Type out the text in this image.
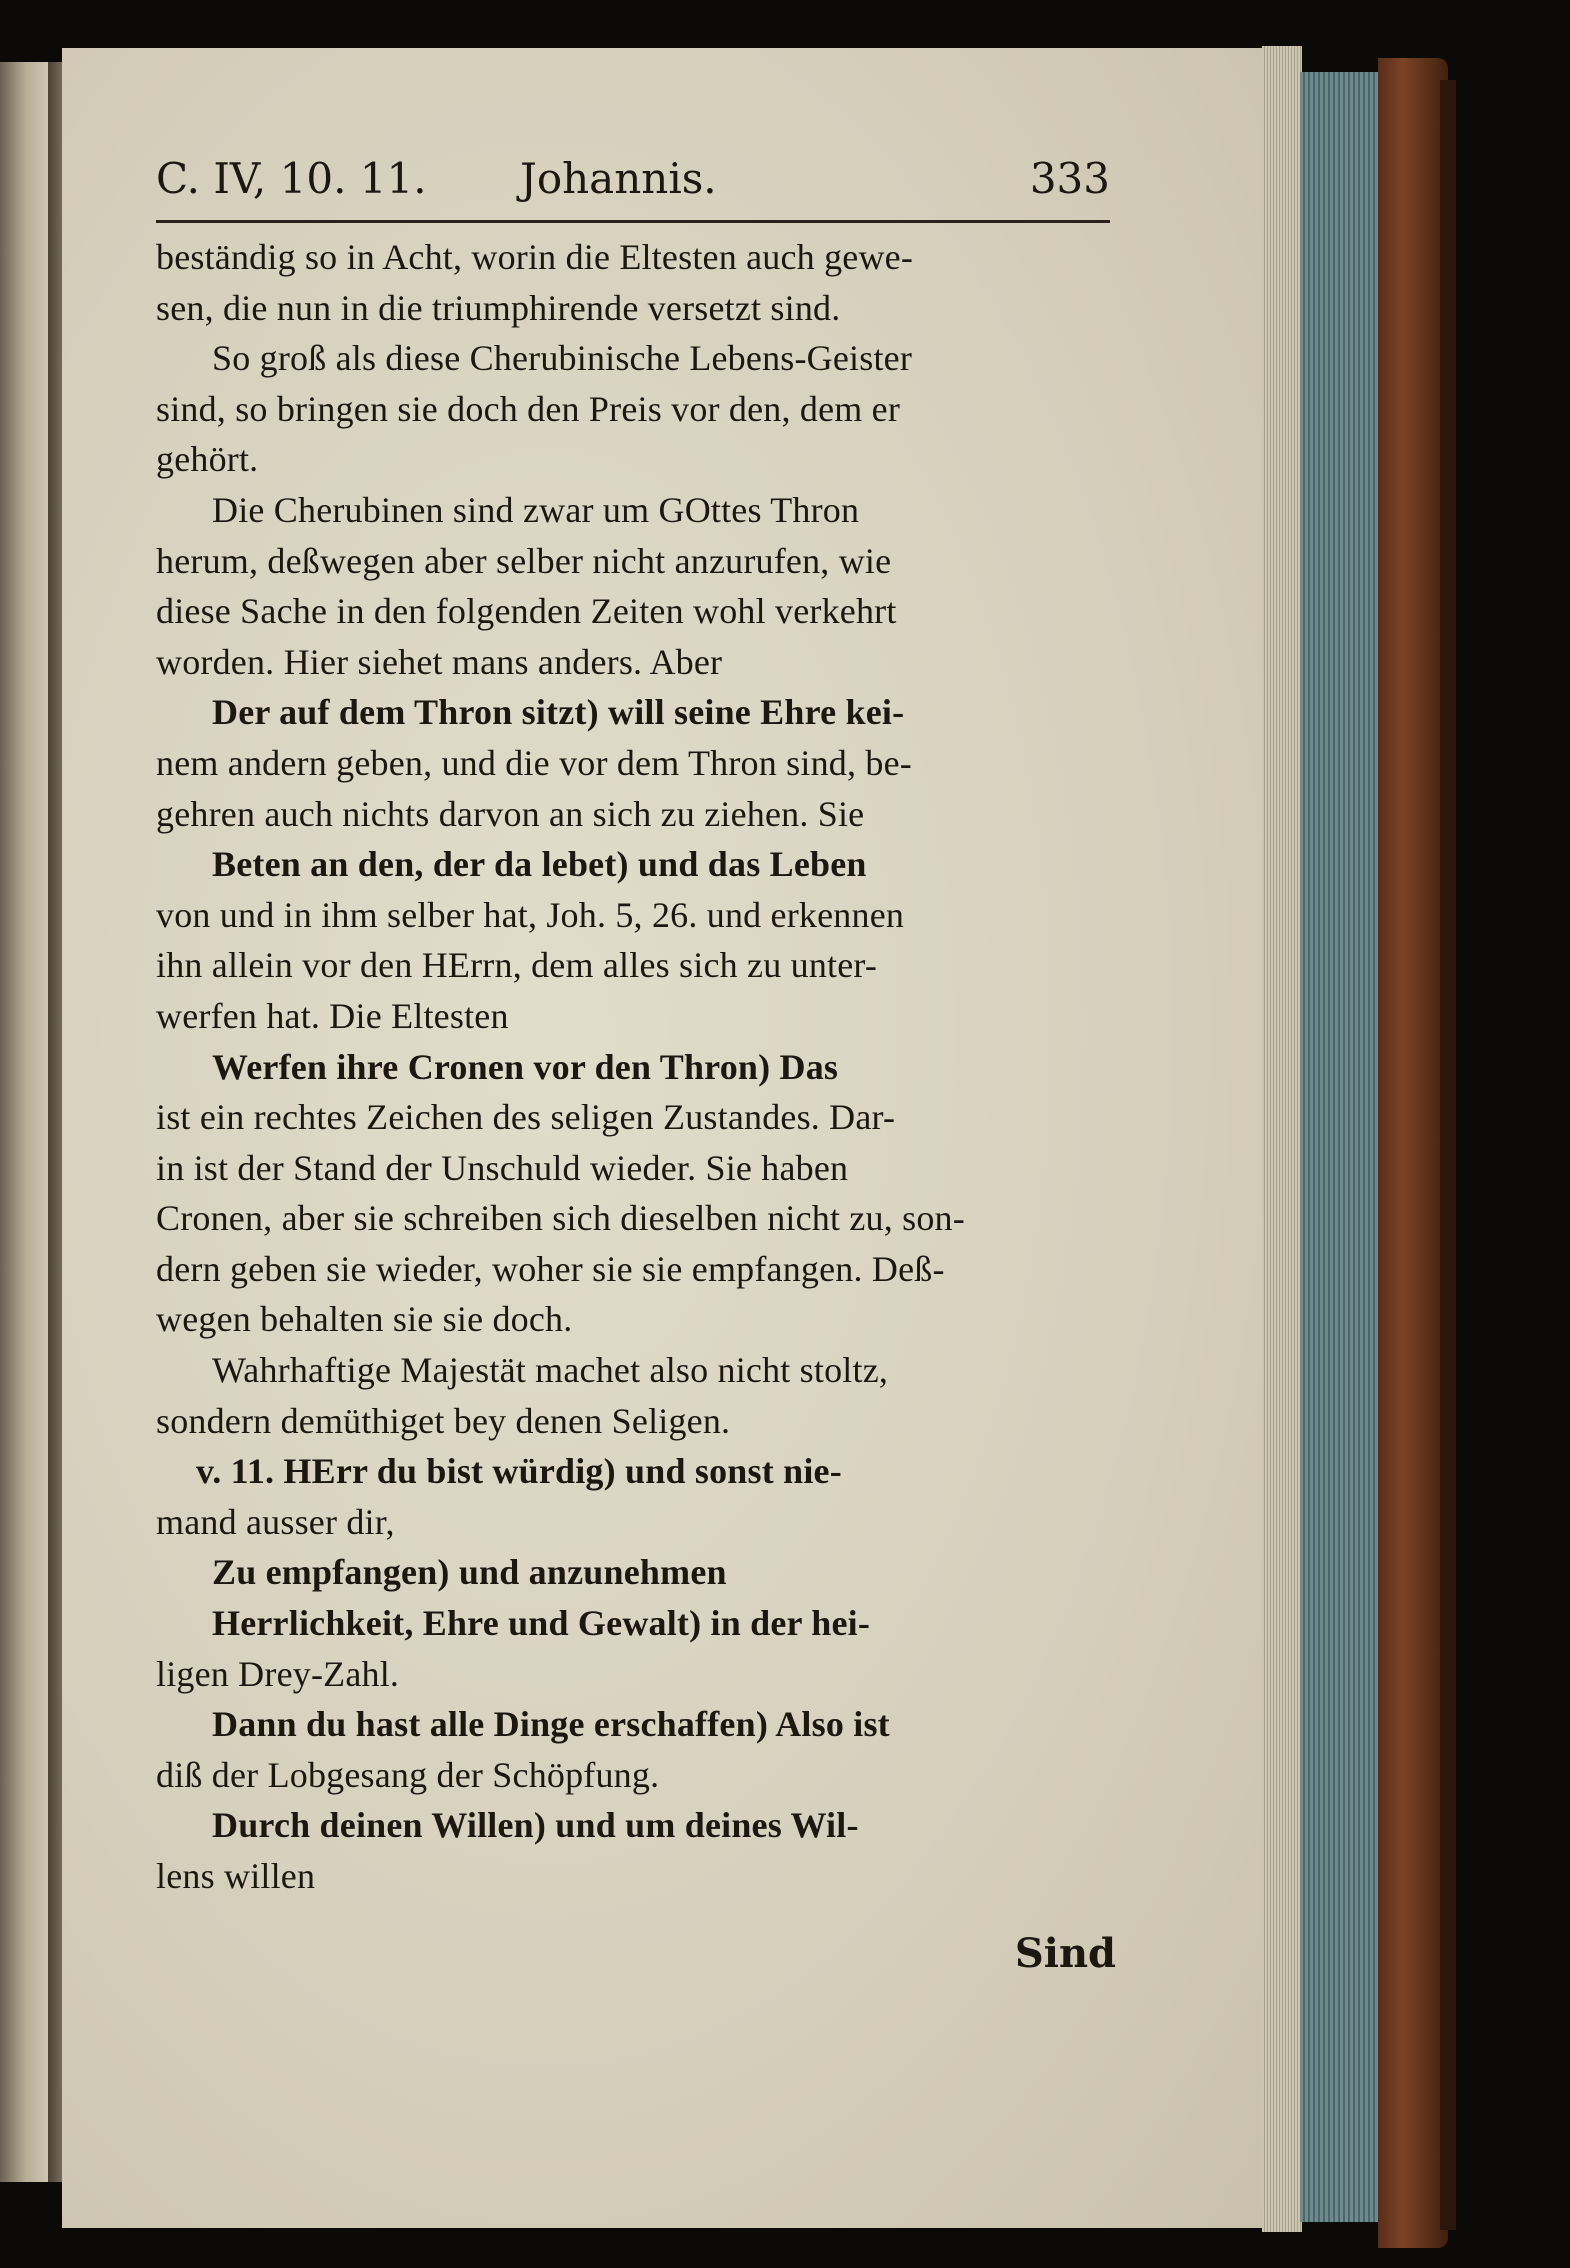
C. IV, 10. 11. Johannis.	333
beständig so in Acht, worin die Eltesten auch gewe-
sen, die nun in die triumphirende versetzt sind.
So groß als diese Cherubinische Lebens-Geister
sind, so bringen sie doch den Preis vor den, dem er
gehört.
Die Cherubinen sind zwar um GOttes Thron
herum, deßwegen aber selber nicht anzurufen, wie
diese Sache in den folgenden Zeiten wohl verkehrt
worden. Hier siehet mans anders. Aber
Der auf dem Thron sitzt) will seine Ehre kei-
nem andern geben, und die vor dem Thron sind, be-
gehren auch nichts darvon an sich zu ziehen. Sie
Beten an den, der da lebet) und das Leben
von und in ihm selber hat, Joh. 5, 26. und erkennen
ihn allein vor den HErrn, dem alles sich zu unter-
werfen hat. Die Eltesten
Werfen ihre Cronen vor den Thron) Das
ist ein rechtes Zeichen des seligen Zustandes. Dar-
in ist der Stand der Unschuld wieder. Sie haben
Cronen, aber sie schreiben sich dieselben nicht zu, son-
dern geben sie wieder, woher sie sie empfangen. Deß-
wegen behalten sie sie doch.
Wahrhaftige Majestät machet also nicht stoltz,
sondern demüthiget bey denen Seligen.
v. 11. HErr du bist würdig) und sonst nie-
mand ausser dir,
Zu empfangen) und anzunehmen
Herrlichkeit, Ehre und Gewalt) in der hei-
ligen Drey-Zahl.
Dann du hast alle Dinge erschaffen) Also ist
diß der Lobgesang der Schöpfung.
Durch deinen Willen) und um deines Wil-
lens willen
Sind
